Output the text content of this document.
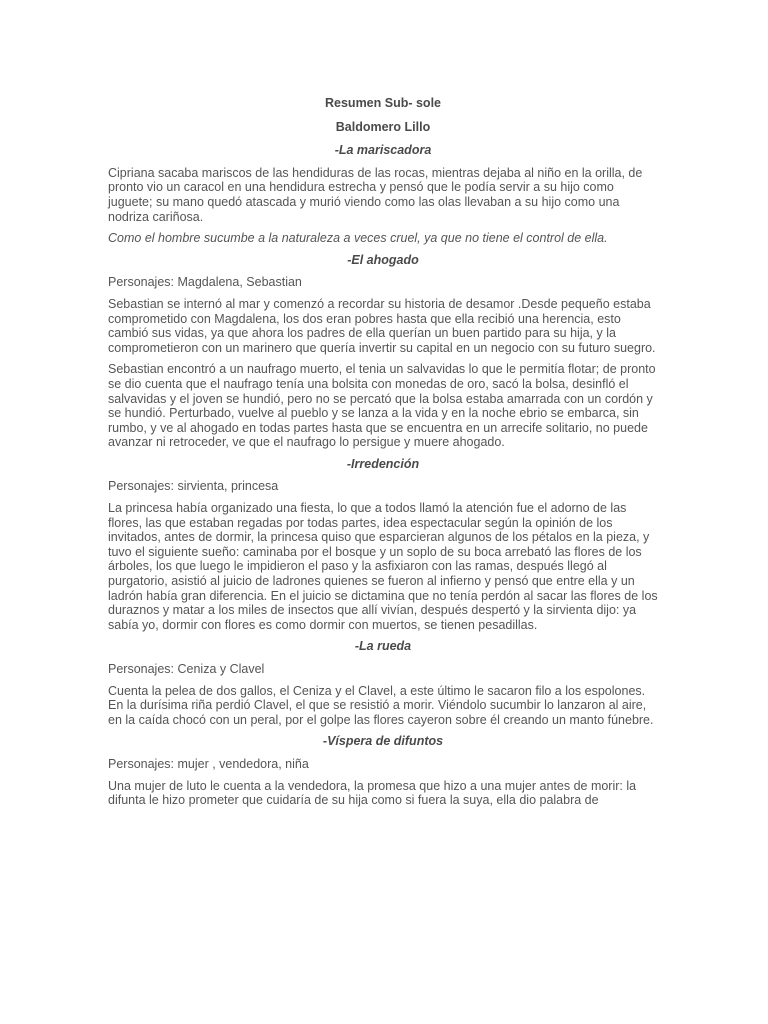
Resumen Sub- sole
Baldomero Lillo
-La mariscadora

Cipriana sacaba mariscos de las hendiduras de las rocas, mientras dejaba al niño en la orilla, de pronto vio un caracol en una hendidura estrecha y pensó que le podía servir a su hijo como juguete; su mano quedó atascada y murió viendo como las olas llevaban a su hijo como una nodriza cariñosa.

Como el hombre sucumbe a la naturaleza a veces cruel, ya que no tiene el control de ella.

-El ahogado

Personajes: Magdalena, Sebastian

Sebastian se internó al mar y comenzó a recordar su historia de desamor .Desde pequeño estaba comprometido con Magdalena, los dos eran pobres hasta que ella recibió una herencia, esto cambió sus vidas, ya que ahora los padres de ella querían un buen partido para su hija, y la comprometieron con un marinero que quería invertir su capital en un negocio con su futuro suegro.

Sebastian encontró a un naufrago muerto, el tenia un salvavidas lo que le permitía flotar; de pronto se dio cuenta que el naufrago tenía una bolsita con monedas de oro, sacó la bolsa, desinfló el salvavidas y el joven se hundió, pero no se percató que la bolsa estaba amarrada con un cordón y se hundió. Perturbado, vuelve al pueblo y se lanza a la vida y en la noche ebrio se embarca, sin rumbo, y ve al ahogado en todas partes hasta que se encuentra en un arrecife solitario, no puede avanzar ni retroceder, ve que el naufrago lo persigue y muere ahogado.

-Irredención

Personajes: sirvienta, princesa

La princesa había organizado una fiesta, lo que a todos llamó la atención fue el adorno de las flores, las que estaban regadas por todas partes, idea espectacular según la opinión de los invitados, antes de dormir, la princesa quiso que esparcieran algunos de los pétalos en la pieza, y tuvo el siguiente sueño: caminaba por el bosque y un soplo de su boca arrebató las flores de los árboles, los que luego le impidieron el paso y la asfixiaron con las ramas, después llegó al purgatorio, asistió al juicio de ladrones quienes se fueron al infierno y pensó que entre ella y un ladrón había gran diferencia. En el juicio se dictamina que no tenía perdón al sacar las flores de los duraznos y matar a los miles de insectos que allí vivían, después despertó y la sirvienta dijo: ya sabía yo, dormir con flores es como dormir con muertos, se tienen pesadillas.

-La rueda

Personajes: Ceniza y Clavel

Cuenta la pelea de dos gallos, el Ceniza y el Clavel, a este último le sacaron filo a los espolones. En la durísima riña perdió Clavel, el que se resistió a morir. Viéndolo sucumbir lo lanzaron al aire, en la caída chocó con un peral, por el golpe las flores cayeron sobre él creando un manto fúnebre.

-Víspera de difuntos

Personajes: mujer , vendedora, niña

Una mujer de luto le cuenta a la vendedora, la promesa que hizo a una mujer antes de morir: la difunta le hizo prometer que cuidaría de su hija como si fuera la suya, ella dio palabra de
